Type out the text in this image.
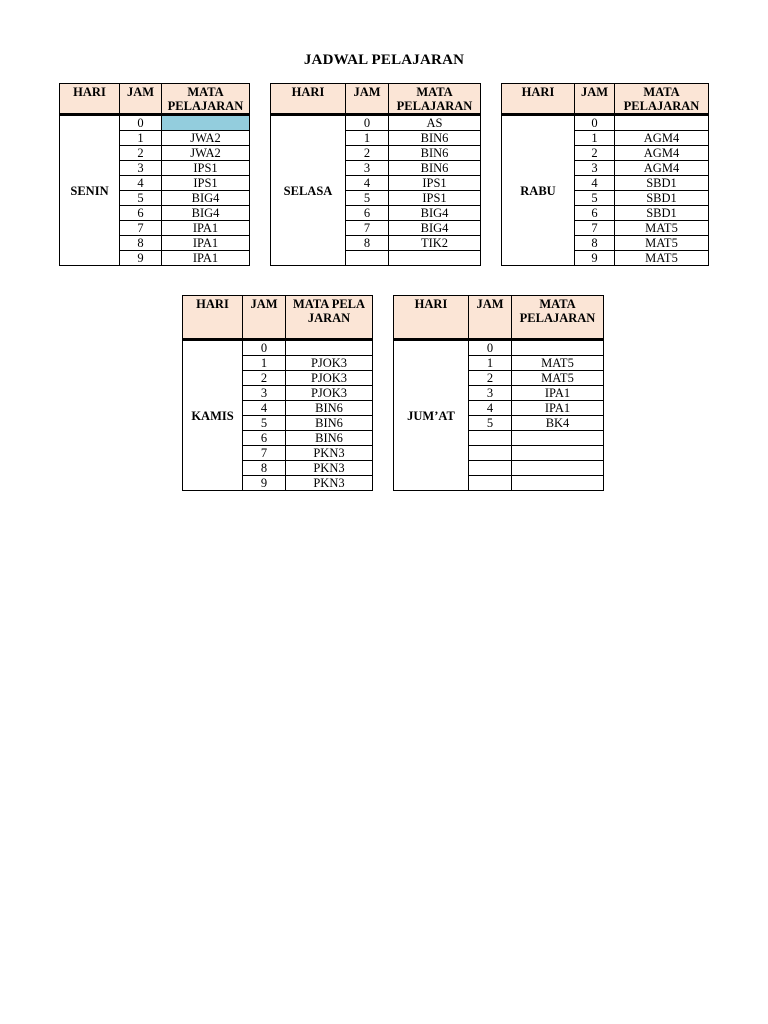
JADWAL PELAJARAN
HARI	JAM	MATA PELAJARAN
SENIN	0	
	1	JWA2
	2	JWA2
	3	IPS1
	4	IPS1
	5	BIG4
	6	BIG4
	7	IPA1
	8	IPA1
	9	IPA1
HARI	JAM	MATA PELAJARAN
SELASA	0	AS
	1	BIN6
	2	BIN6
	3	BIN6
	4	IPS1
	5	IPS1
	6	BIG4
	7	BIG4
	8	TIK2

HARI	JAM	MATA PELAJARAN
RABU	0	
	1	AGM4
	2	AGM4
	3	AGM4
	4	SBD1
	5	SBD1
	6	SBD1
	7	MAT5
	8	MAT5
	9	MAT5
HARI	JAM	MATA PELAJARAN
KAMIS	0	
	1	PJOK3
	2	PJOK3
	3	PJOK3
	4	BIN6
	5	BIN6
	6	BIN6
	7	PKN3
	8	PKN3
	9	PKN3
HARI	JAM	MATA PELAJARAN
JUM’AT	0	
	1	MAT5
	2	MAT5
	3	IPA1
	4	IPA1
	5	BK4
